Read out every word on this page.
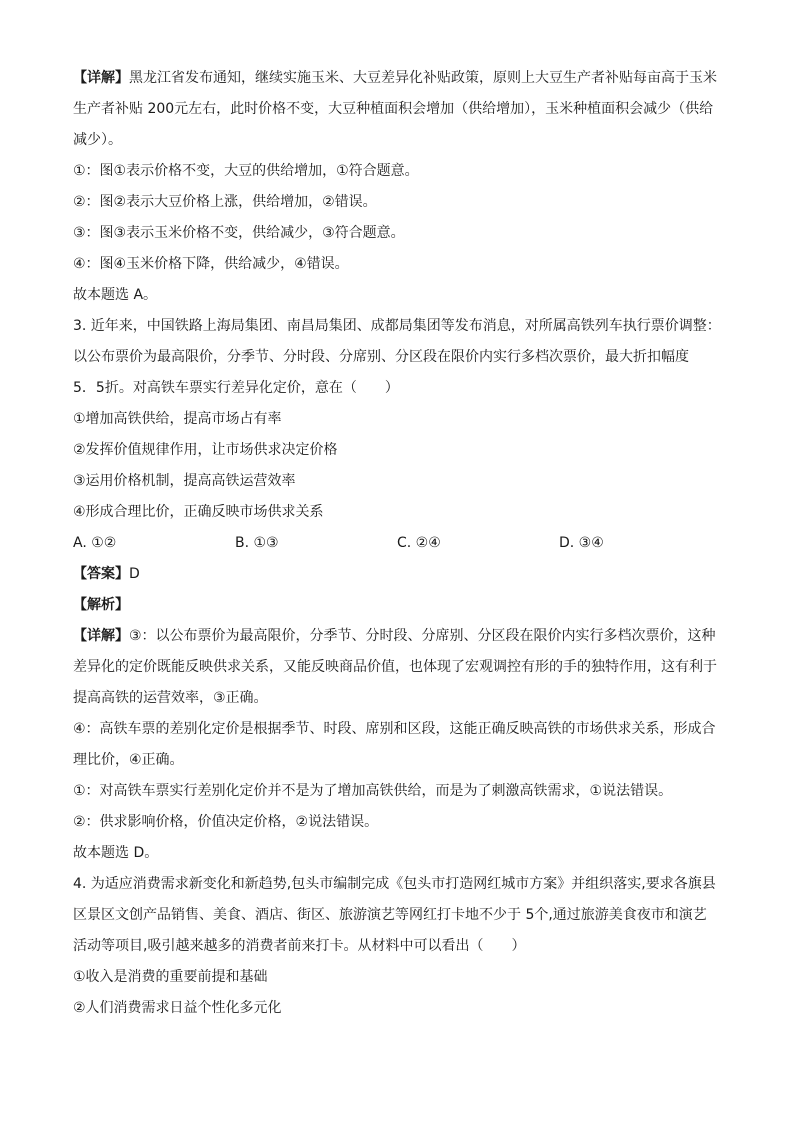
【详解】黑龙江省发布通知，继续实施玉米、大豆差异化补贴政策，原则上大豆生产者补贴每亩高于玉米
生产者补贴 200元左右，此时价格不变，大豆种植面积会增加（供给增加），玉米种植面积会减少（供给
减少）。
①：图①表示价格不变，大豆的供给增加，①符合题意。
②：图②表示大豆价格上涨，供给增加，②错误。
③：图③表示玉米价格不变，供给减少，③符合题意。
④：图④玉米价格下降，供给减少，④错误。
故本题选 A。
3. 近年来，中国铁路上海局集团、南昌局集团、成都局集团等发布消息，对所属高铁列车执行票价调整：
以公布票价为最高限价，分季节、分时段、分席别、分区段在限价内实行多档次票价，最大折扣幅度
5．5折。对高铁车票实行差异化定价，意在（　　）
①增加高铁供给，提高市场占有率
②发挥价值规律作用，让市场供求决定价格
③运用价格机制，提高高铁运营效率
④形成合理比价，正确反映市场供求关系
A. ①②	B. ①③	C. ②④	D. ③④
【答案】D
【解析】
【详解】③：以公布票价为最高限价，分季节、分时段、分席别、分区段在限价内实行多档次票价，这种
差异化的定价既能反映供求关系，又能反映商品价值，也体现了宏观调控有形的手的独特作用，这有利于
提高高铁的运营效率，③正确。
④：高铁车票的差别化定价是根据季节、时段、席别和区段，这能正确反映高铁的市场供求关系，形成合
理比价，④正确。
①：对高铁车票实行差别化定价并不是为了增加高铁供给，而是为了刺激高铁需求，①说法错误。
②：供求影响价格，价值决定价格，②说法错误。
故本题选 D。
4. 为适应消费需求新变化和新趋势,包头市编制完成《包头市打造网红城市方案》并组织落实,要求各旗县
区景区文创产品销售、美食、酒店、街区、旅游演艺等网红打卡地不少于 5个,通过旅游美食夜市和演艺
活动等项目,吸引越来越多的消费者前来打卡。从材料中可以看出（　　）
①收入是消费的重要前提和基础
②人们消费需求日益个性化多元化
